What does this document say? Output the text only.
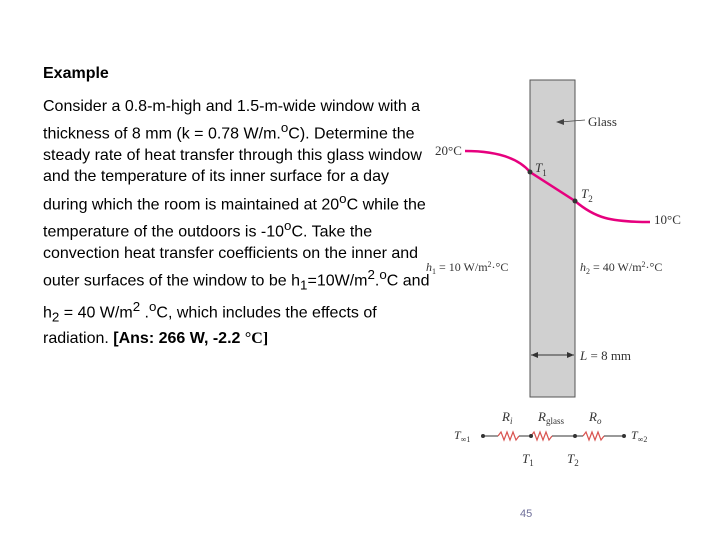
Example
Consider a 0.8-m-high and 1.5-m-wide window with a thickness of 8 mm (k = 0.78 W/m.$^o$C). Determine the steady rate of heat transfer through this glass window and the temperature of its inner surface for a day during which the room is maintained at 20$^o$C while the temperature of the outdoors is -10$^o$C. Take the convection heat transfer coefficients on the inner and outer surfaces of the window to be $h_1=10W/m^2.^oC$ and $h_2 = 40$ $W/m^2$ .$^o$C, which includes the effects of radiation. [Ans: 266 W, -2.2 °C]
Glass
20°C
10°C
$T_1$
$T_2$
$h_1 = 10$ $W/m^2\cdot^\circ C$	$h_2 = 40$ $W/m^2\cdot^\circ C$
L = 8 mm
$R_i$ $R_{glass}$ $R_o$
$T_{\infty 1}$	$T_{\infty 2}$
$T_1$	$T_2$
45
